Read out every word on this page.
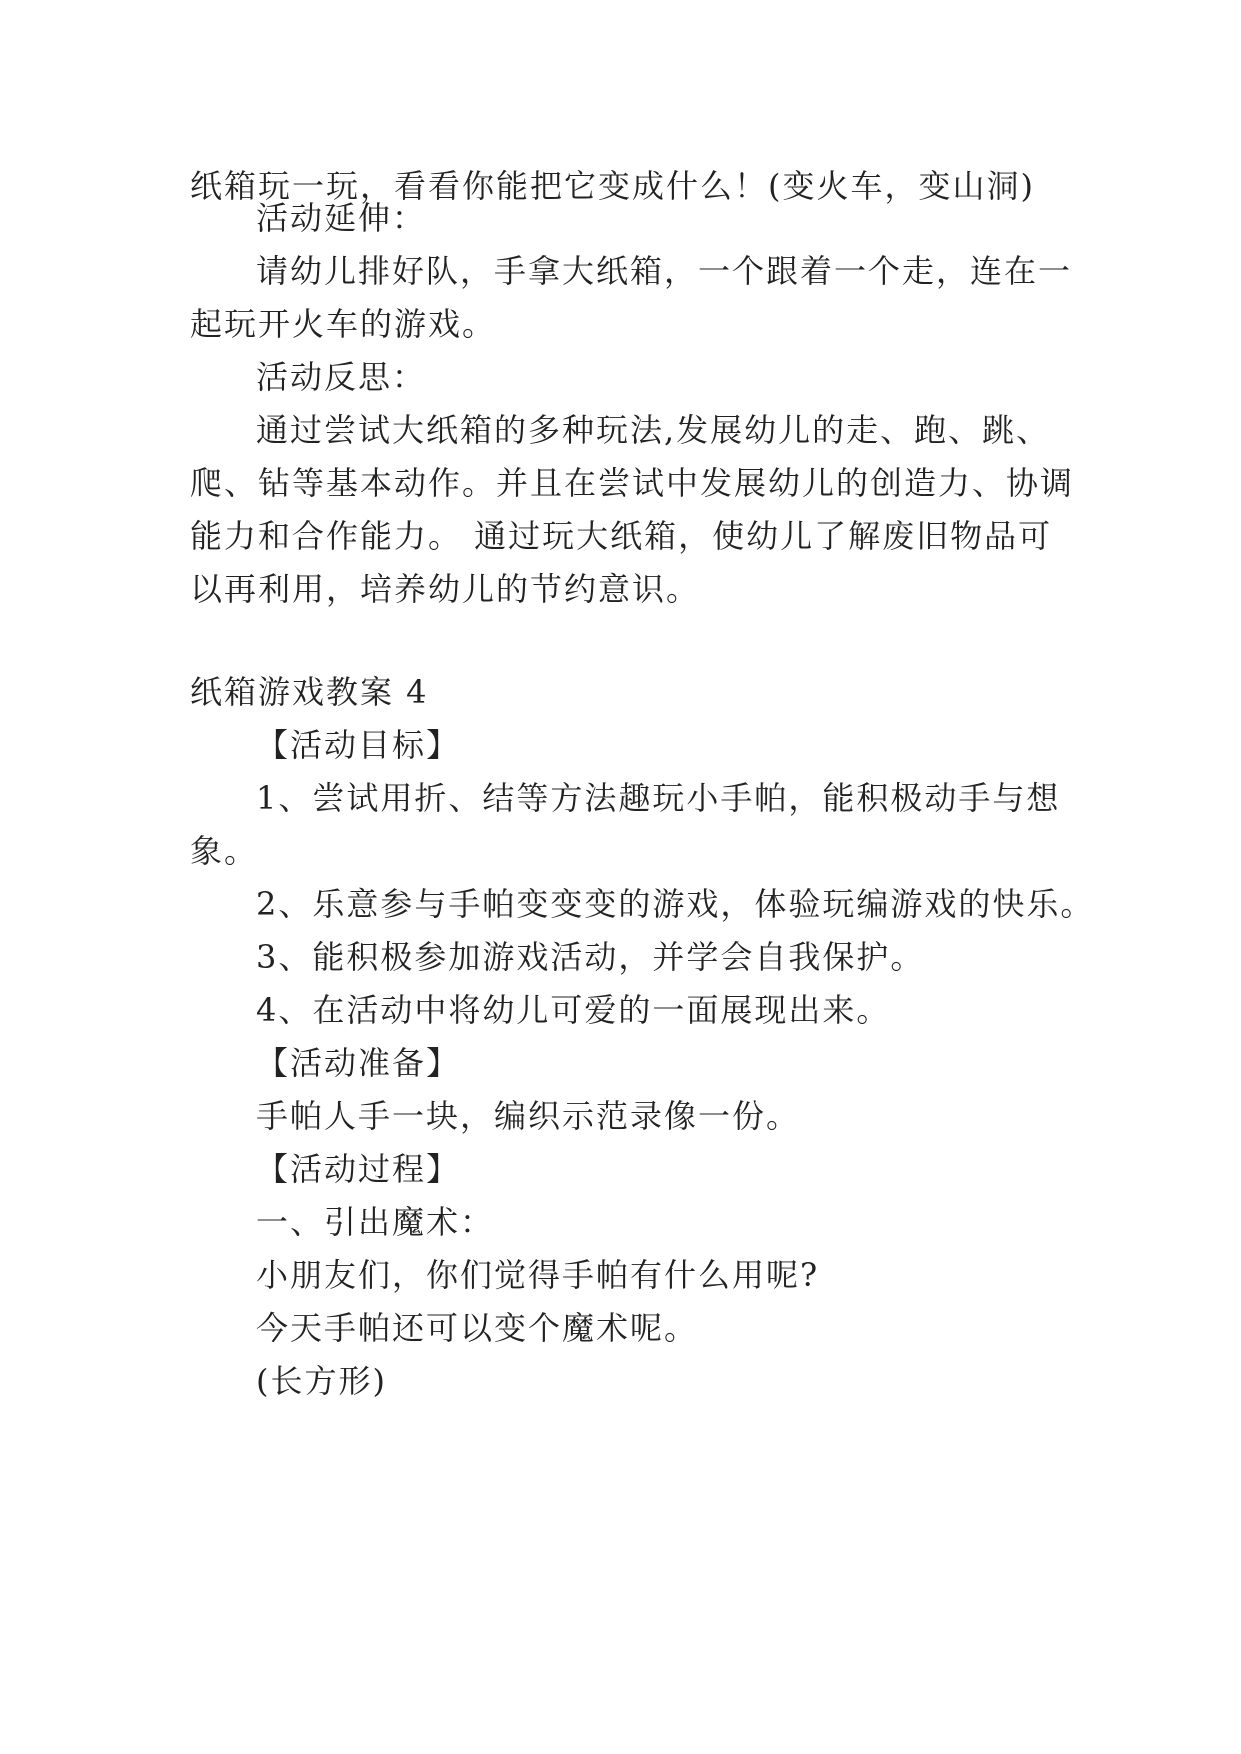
纸箱玩一玩，看看你能把它变成什么！(变火车，变山洞)
活动延伸：
请幼儿排好队，手拿大纸箱，一个跟着一个走，连在一
起玩开火车的游戏。
活动反思：
通过尝试大纸箱的多种玩法,发展幼儿的走、跑、跳、
爬、钻等基本动作。并且在尝试中发展幼儿的创造力、协调
能力和合作能力。 通过玩大纸箱，使幼儿了解废旧物品可
以再利用，培养幼儿的节约意识。
纸箱游戏教案 4
【活动目标】
1、尝试用折、结等方法趣玩小手帕，能积极动手与想
象。
2、乐意参与手帕变变变的游戏，体验玩编游戏的快乐。
3、能积极参加游戏活动，并学会自我保护。
4、在活动中将幼儿可爱的一面展现出来。
【活动准备】
手帕人手一块，编织示范录像一份。
【活动过程】
一、引出魔术：
小朋友们，你们觉得手帕有什么用呢?
今天手帕还可以变个魔术呢。
(长方形)
